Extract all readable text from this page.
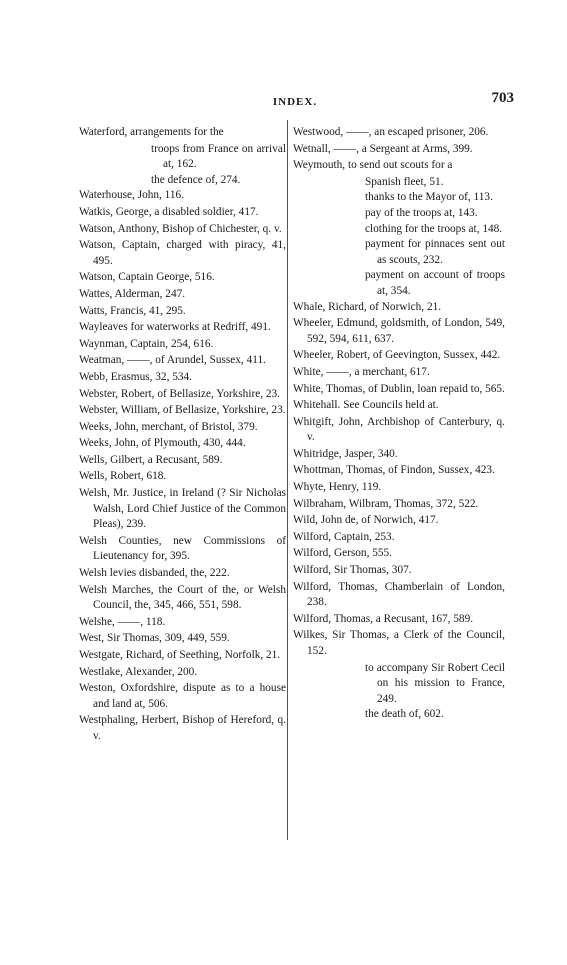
INDEX.	703

Waterford, arrangements for the

troops from France on arrival at, 162.

the defence of, 274.

Waterhouse, John, 116.

Watkis, George, a disabled soldier, 417.

Watson, Anthony, Bishop of Chichester, q. v.

Watson, Captain, charged with piracy, 41, 495.

Watson, Captain George, 516.

Wattes, Alderman, 247.

Watts, Francis, 41, 295.

Wayleaves for waterworks at Redriff, 491.

Waynman, Captain, 254, 616.

Weatman, ——, of Arundel, Sussex, 411.

Webb, Erasmus, 32, 534.

Webster, Robert, of Bellasize, Yorkshire, 23.

Webster, William, of Bellasize, Yorkshire, 23.

Weeks, John, merchant, of Bristol, 379.

Weeks, John, of Plymouth, 430, 444.

Wells, Gilbert, a Recusant, 589.

Wells, Robert, 618.

Welsh, Mr. Justice, in Ireland (? Sir Nicholas Walsh, Lord Chief Justice of the Common Pleas), 239.

Welsh Counties, new Commissions of Lieutenancy for, 395.

Welsh levies disbanded, the, 222.

Welsh Marches, the Court of the, or Welsh Council, the, 345, 466, 551, 598.

Welshe, ——, 118.

West, Sir Thomas, 309, 449, 559.

Westgate, Richard, of Seething, Norfolk, 21.

Westlake, Alexander, 200.

Weston, Oxfordshire, dispute as to a house and land at, 506.

Westphaling, Herbert, Bishop of Hereford, q. v.

Westwood, ——, an escaped prisoner, 206.

Wetnall, ——, a Sergeant at Arms, 399.

Weymouth, to send out scouts for a

Spanish fleet, 51.

thanks to the Mayor of, 113.

pay of the troops at, 143.

clothing for the troops at, 148.

payment for pinnaces sent out as scouts, 232.

payment on account of troops at, 354.

Whale, Richard, of Norwich, 21.

Wheeler, Edmund, goldsmith, of London, 549, 592, 594, 611, 637.

Wheeler, Robert, of Geevington, Sussex, 442.

White, ——, a merchant, 617.

White, Thomas, of Dublin, loan repaid to, 565.

Whitehall. See Councils held at.

Whitgift, John, Archbishop of Canterbury, q. v.

Whitridge, Jasper, 340.

Whottman, Thomas, of Findon, Sussex, 423.

Whyte, Henry, 119.

Wilbraham, Wilbram, Thomas, 372, 522.

Wild, John de, of Norwich, 417.

Wilford, Captain, 253.

Wilford, Gerson, 555.

Wilford, Sir Thomas, 307.

Wilford, Thomas, Chamberlain of London, 238.

Wilford, Thomas, a Recusant, 167, 589.

Wilkes, Sir Thomas, a Clerk of the Council, 152.

to accompany Sir Robert Cecil on his mission to France, 249.

the death of, 602.
